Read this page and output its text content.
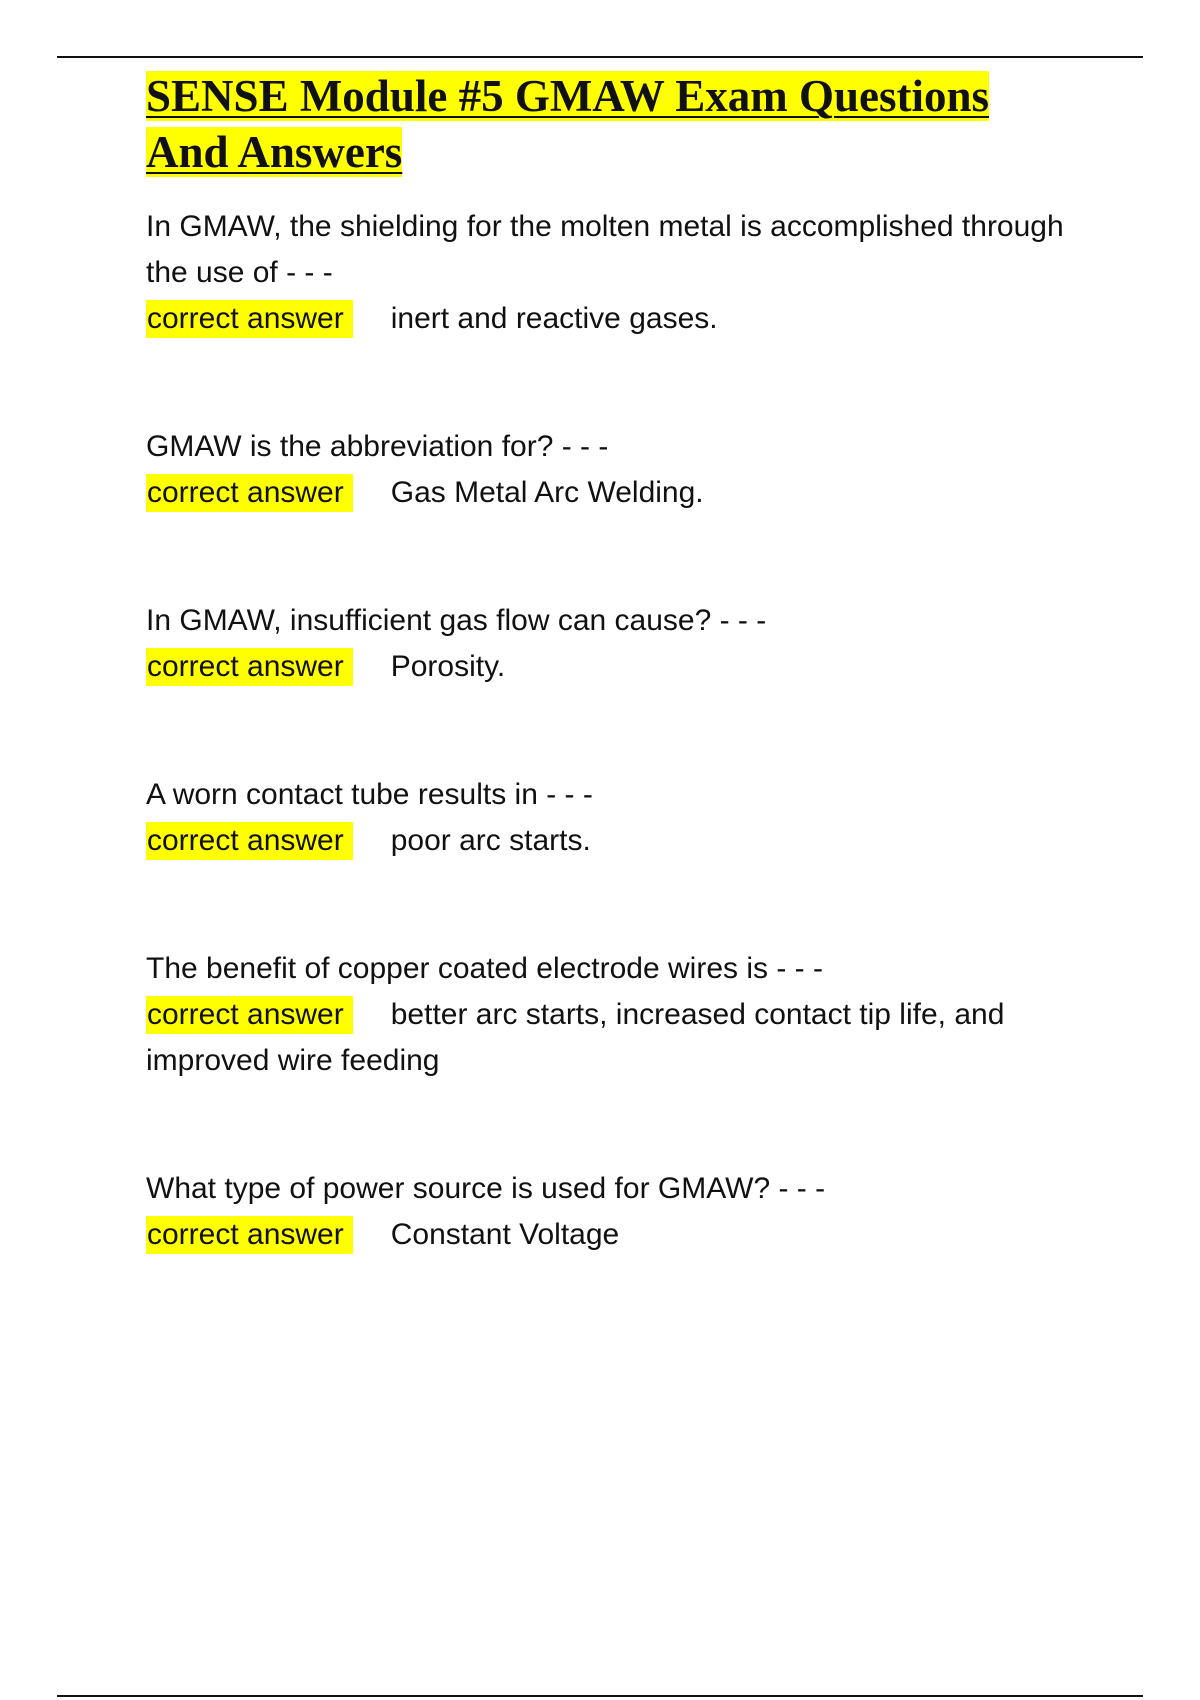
SENSE Module #5 GMAW Exam Questions And Answers

In GMAW, the shielding for the molten metal is accomplished through the use of - - -

correct answer inert and reactive gases.

GMAW is the abbreviation for? - - -

correct answer Gas Metal Arc Welding.

In GMAW, insufficient gas flow can cause? - - -

correct answer Porosity.

A worn contact tube results in - - -

correct answer poor arc starts.

The benefit of copper coated electrode wires is - - -

correct answer better arc starts, increased contact tip life, and improved wire feeding

What type of power source is used for GMAW? - - -

correct answer Constant Voltage
